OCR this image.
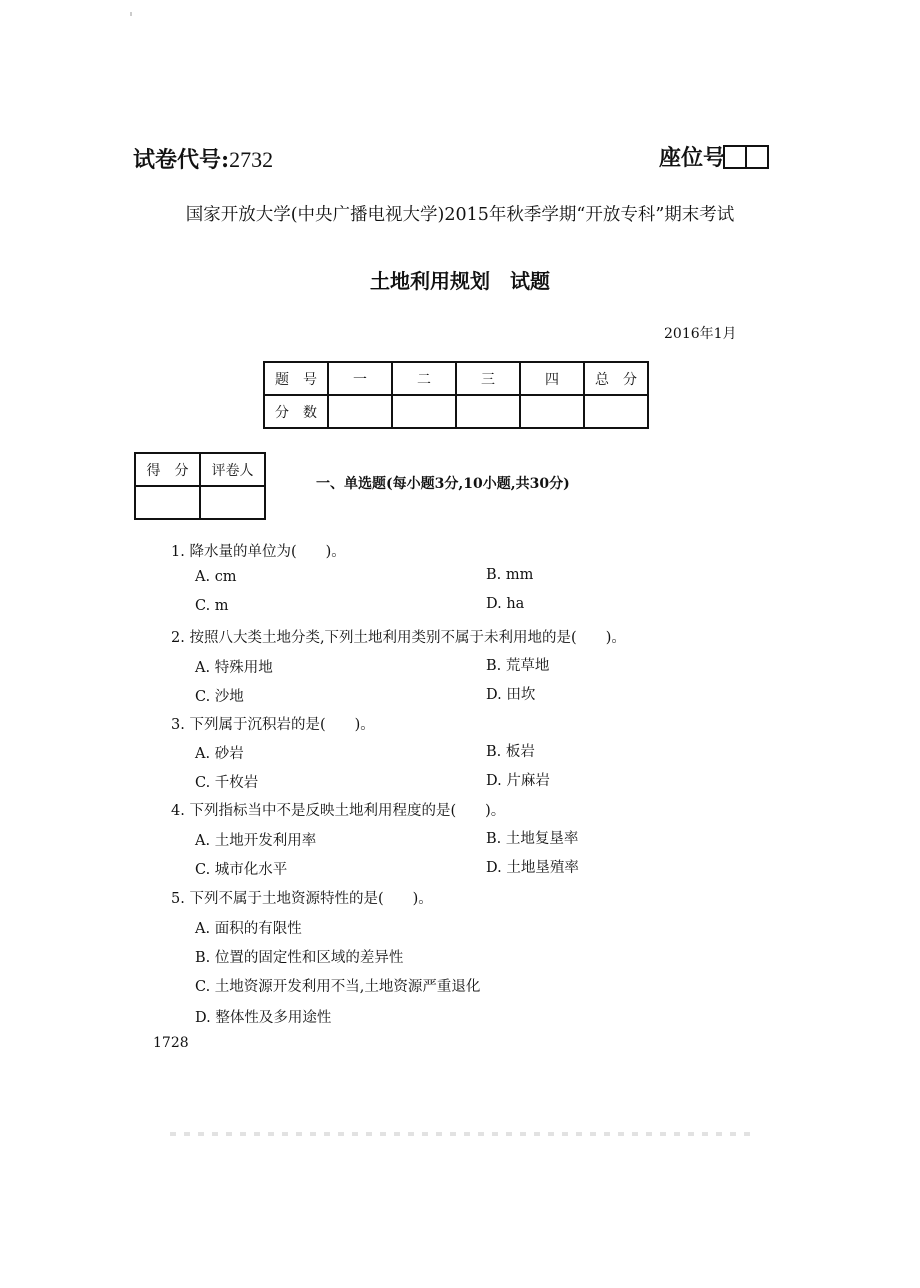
试卷代号:2732	座位号
国家开放大学(中央广播电视大学)2015年秋季学期“开放专科”期末考试
土地利用规划　试题
2016年1月
题　号	一	二	三	四	总　分
分　数					
得　分	评卷人

一、单选题(每小题3分,10小题,共30分)
1. 降水量的单位为(　　)。
A. cm	B. mm
C. m	D. ha
2. 按照八大类土地分类,下列土地利用类别不属于未利用地的是(　　)。
A. 特殊用地	B. 荒草地
C. 沙地	D. 田坎
3. 下列属于沉积岩的是(　　)。
A. 砂岩	B. 板岩
C. 千枚岩	D. 片麻岩
4. 下列指标当中不是反映土地利用程度的是(　　)。
A. 土地开发利用率	B. 土地复垦率
C. 城市化水平	D. 土地垦殖率
5. 下列不属于土地资源特性的是(　　)。
A. 面积的有限性
B. 位置的固定性和区域的差异性
C. 土地资源开发利用不当,土地资源严重退化
D. 整体性及多用途性
1728
